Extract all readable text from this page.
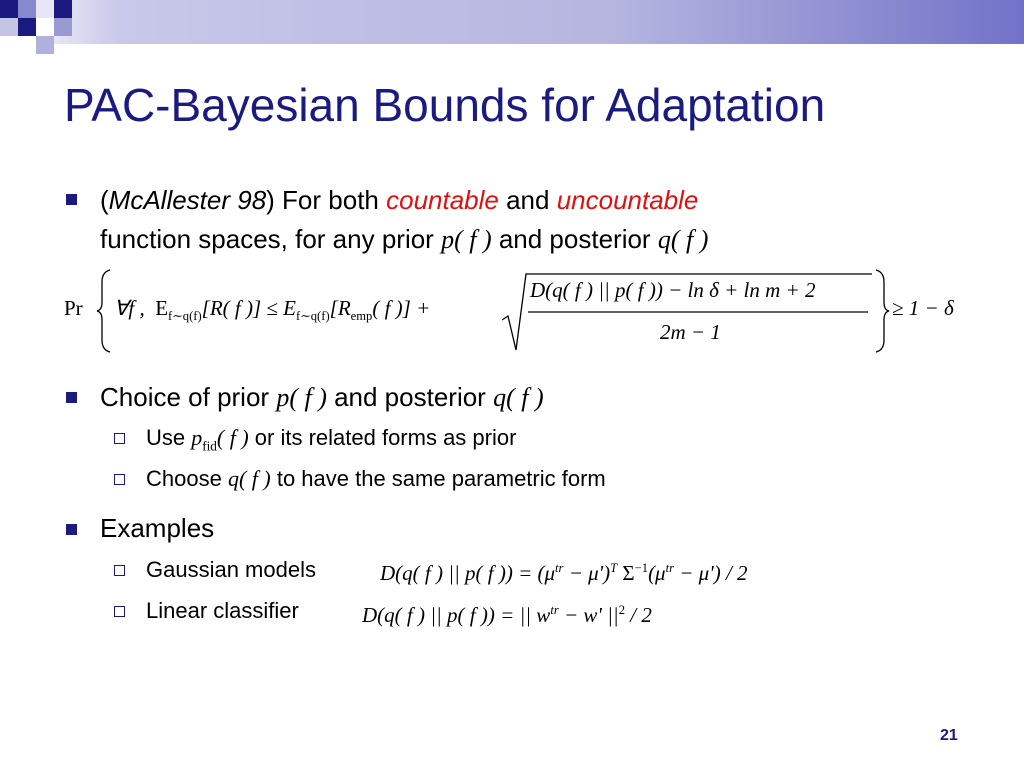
PAC-Bayesian Bounds for Adaptation
(McAllester 98) For both countable and uncountable
function spaces, for any prior p( f ) and posterior q( f )
Pr ∀f , $E_{f\sim q(f)}[R$( f )] ≤ $E_{f\sim q(f)}[R_{emp}$( f )] +
D(q( f ) || p( f )) − ln δ + ln m + 2
2m − 1
≥ 1 − δ
Choice of prior p( f ) and posterior q( f )
Use $p_{fid}$( f ) or its related forms as prior
Choose q( f ) to have the same parametric form
Examples
Gaussian models	D(q( f ) || p( f )) = $(\mu^{tr} - \mu')^T$ $\Sigma^{-1}(\mu^{tr} - \mu') / 2$
Linear classifier	D(q( f ) || p( f )) = || $w^{tr} - w'$ $||^2 / 2$
21
